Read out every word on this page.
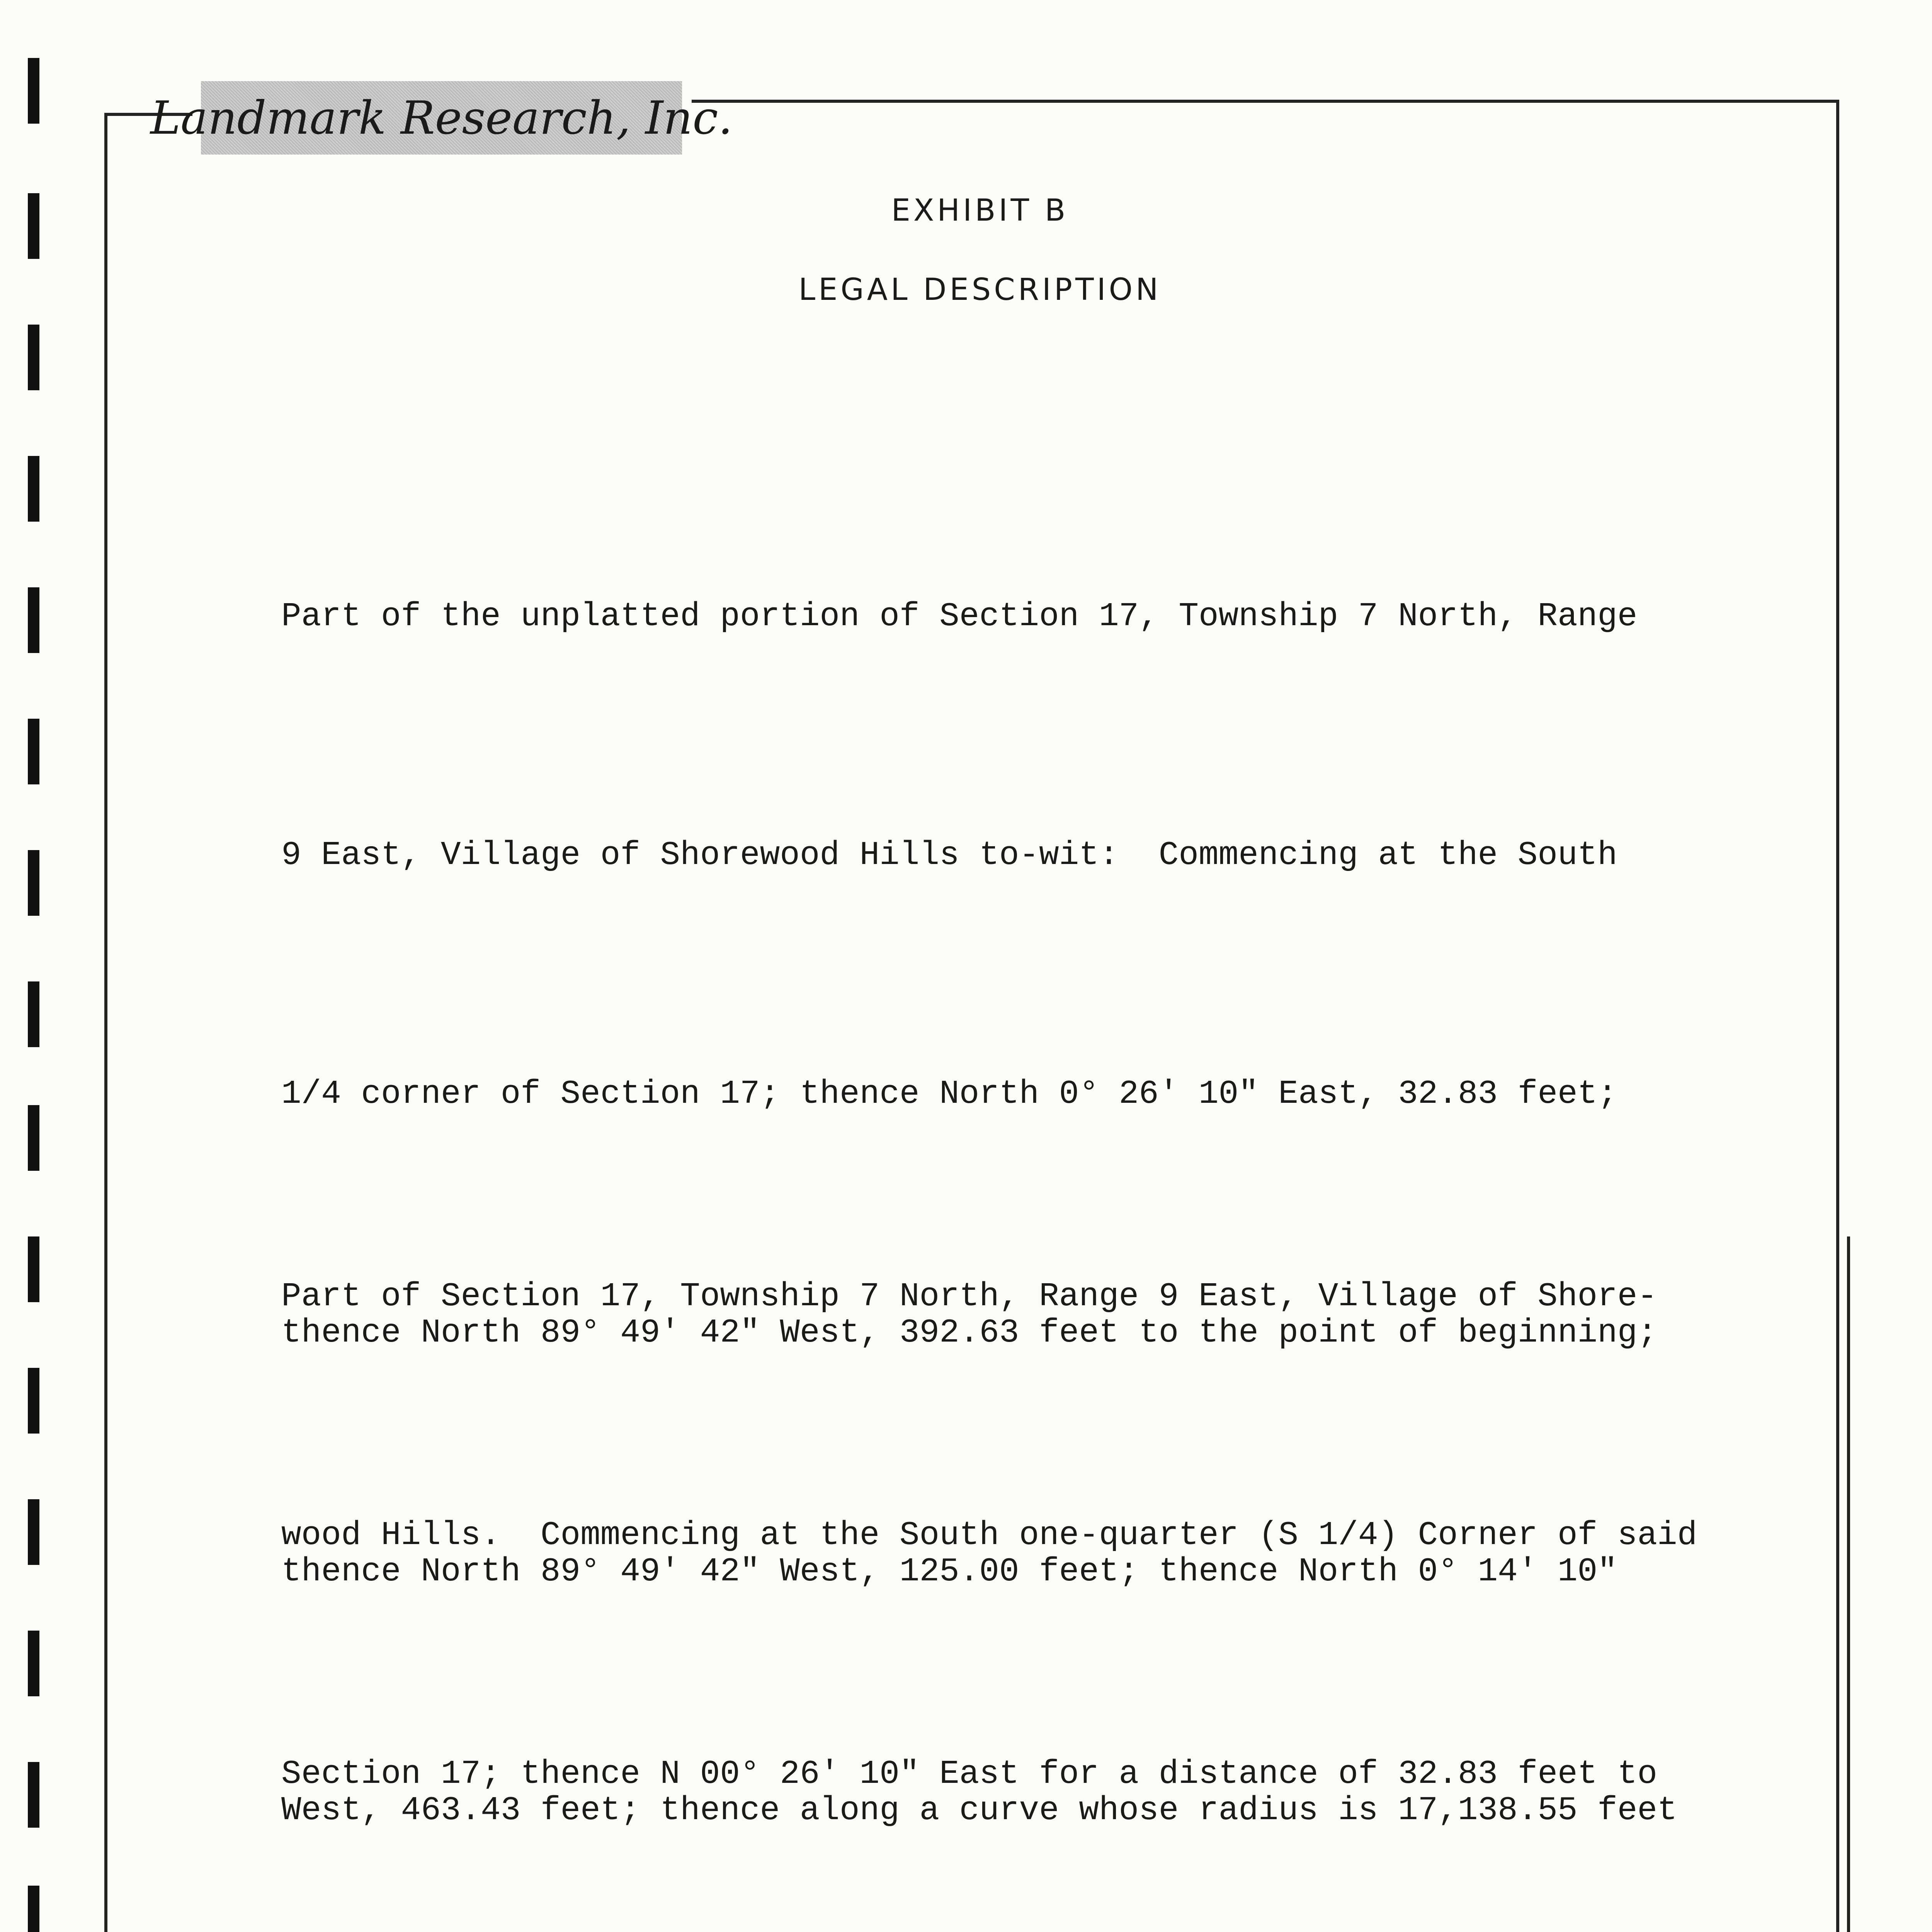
Landmark Research, Inc.
EXHIBIT B
LEGAL DESCRIPTION

Part of the unplatted portion of Section 17, Township 7 North, Range

9 East, Village of Shorewood Hills to-wit:  Commencing at the South

1/4 corner of Section 17; thence North 0° 26' 10" East, 32.83 feet;

thence North 89° 49' 42" West, 392.63 feet to the point of beginning;

thence North 89° 49' 42" West, 125.00 feet; thence North 0° 14' 10"

West, 463.43 feet; thence along a curve whose radius is 17,138.55 feet

Part of Section 17, Township 7 North, Range 9 East, Village of Shore-

wood Hills.  Commencing at the South one-quarter (S 1/4) Corner of said

Section 17; thence N 00° 26' 10" East for a distance of 32.83 feet to
